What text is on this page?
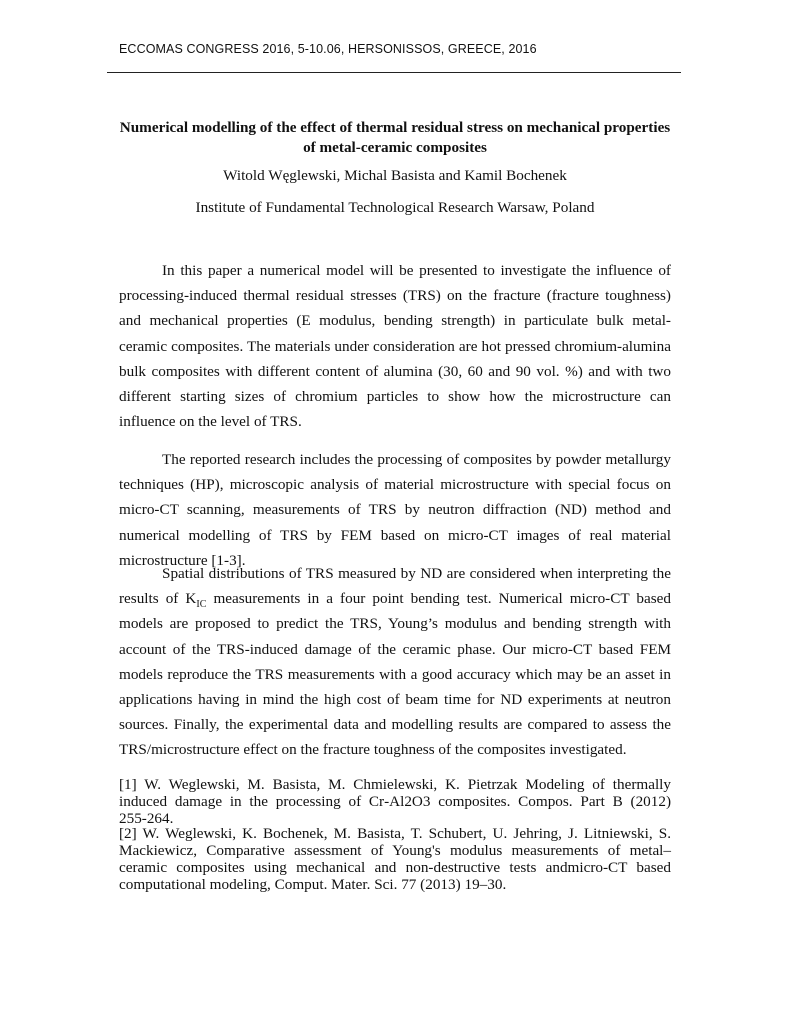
ECCOMAS CONGRESS 2016, 5-10.06, HERSONISSOS, GREECE, 2016
Numerical modelling of the effect of thermal residual stress on mechanical properties of metal-ceramic composites
Witold Węglewski, Michal Basista and Kamil Bochenek
Institute of Fundamental Technological Research Warsaw, Poland

In this paper a numerical model will be presented to investigate the influence of processing-induced thermal residual stresses (TRS) on the fracture (fracture toughness) and mechanical properties (E modulus, bending strength) in particulate bulk metal-ceramic composites. The materials under consideration are hot pressed chromium-alumina bulk composites with different content of alumina (30, 60 and 90 vol. %) and with two different starting sizes of chromium particles to show how the microstructure can influence on the level of TRS.

The reported research includes the processing of composites by powder metallurgy techniques (HP), microscopic analysis of material microstructure with special focus on micro-CT scanning, measurements of TRS by neutron diffraction (ND) method and numerical modelling of TRS by FEM based on micro-CT images of real material microstructure [1-3].

Spatial distributions of TRS measured by ND are considered when interpreting the results of $K_{IC}$ measurements in a four point bending test. Numerical micro-CT based models are proposed to predict the TRS, Young’s modulus and bending strength with account of the TRS-induced damage of the ceramic phase. Our micro-CT based FEM models reproduce the TRS measurements with a good accuracy which may be an asset in applications having in mind the high cost of beam time for ND experiments at neutron sources. Finally, the experimental data and modelling results are compared to assess the TRS/microstructure effect on the fracture toughness of the composites investigated.

[1] W. Weglewski, M. Basista, M. Chmielewski, K. Pietrzak Modeling of thermally induced damage in the processing of Cr‑Al2O3 composites. Compos. Part B (2012) 255‑264.

[2] W. Weglewski, K. Bochenek, M. Basista, T. Schubert, U. Jehring, J. Litniewski, S. Mackiewicz, Comparative assessment of Young's modulus measurements of metal–ceramic composites using mechanical and non-destructive tests andmicro-CT based computational modeling, Comput. Mater. Sci. 77 (2013) 19–30.
